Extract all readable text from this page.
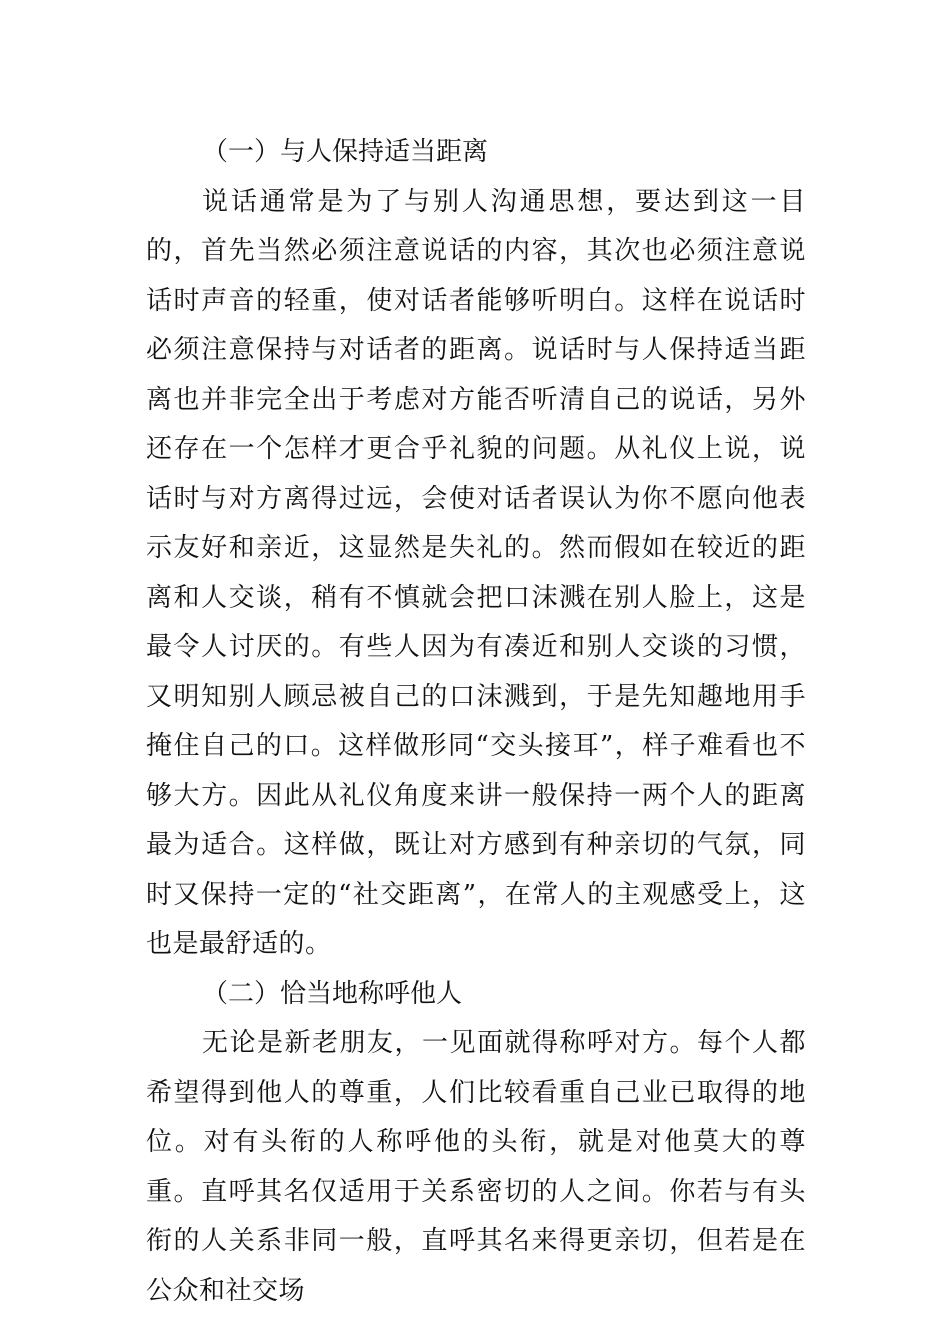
（一）与人保持适当距离

说话通常是为了与别人沟通思想，要达到这一目的，首先当然必须注意说话的内容，其次也必须注意说话时声音的轻重，使对话者能够听明白。这样在说话时必须注意保持与对话者的距离。说话时与人保持适当距离也并非完全出于考虑对方能否听清自己的说话，另外还存在一个怎样才更合乎礼貌的问题。从礼仪上说，说话时与对方离得过远，会使对话者误认为你不愿向他表示友好和亲近，这显然是失礼的。然而假如在较近的距离和人交谈，稍有不慎就会把口沫溅在别人脸上，这是最令人讨厌的。有些人因为有凑近和别人交谈的习惯，又明知别人顾忌被自己的口沫溅到，于是先知趣地用手掩住自己的口。这样做形同“交头接耳”，样子难看也不够大方。因此从礼仪角度来讲一般保持一两个人的距离最为适合。这样做，既让对方感到有种亲切的气氛，同时又保持一定的“社交距离”，在常人的主观感受上，这也是最舒适的。

（二）恰当地称呼他人

无论是新老朋友，一见面就得称呼对方。每个人都希望得到他人的尊重，人们比较看重自己业已取得的地位。对有头衔的人称呼他的头衔，就是对他莫大的尊重。直呼其名仅适用于关系密切的人之间。你若与有头衔的人关系非同一般，直呼其名来得更亲切，但若是在公众和社交场
